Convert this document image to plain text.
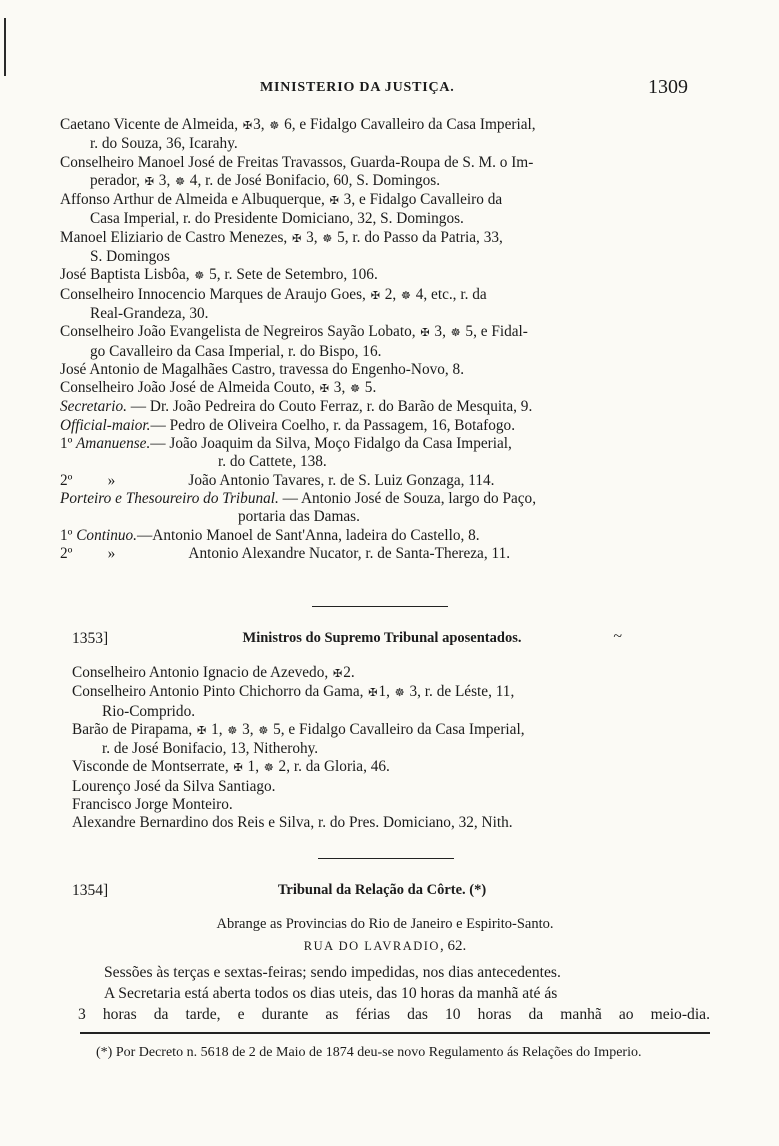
MINISTERIO DA JUSTIÇA.	1309
Caetano Vicente de Almeida, ✠3, ☸ 6, e Fidalgo Cavalleiro da Casa Imperial,
r. do Souza, 36, Icarahy.
Conselheiro Manoel José de Freitas Travassos, Guarda-Roupa de S. M. o Im-
perador, ✠ 3, ☸ 4, r. de José Bonifacio, 60, S. Domingos.
Affonso Arthur de Almeida e Albuquerque, ✠ 3, e Fidalgo Cavalleiro da
Casa Imperial, r. do Presidente Domiciano, 32, S. Domingos.
Manoel Eliziario de Castro Menezes, ✠ 3, ☸ 5, r. do Passo da Patria, 33,
S. Domingos
José Baptista Lisbôa, ☸ 5, r. Sete de Setembro, 106.
Conselheiro Innocencio Marques de Araujo Goes, ✠ 2, ☸ 4, etc., r. da
Real-Grandeza, 30.
Conselheiro João Evangelista de Negreiros Sayão Lobato, ✠ 3, ☸ 5, e Fidal-
go Cavalleiro da Casa Imperial, r. do Bispo, 16.
José Antonio de Magalhães Castro, travessa do Engenho-Novo, 8.
Conselheiro João José de Almeida Couto, ✠ 3, ☸ 5.
Secretario. — Dr. João Pedreira do Couto Ferraz, r. do Barão de Mesquita, 9.
Official-maior.— Pedro de Oliveira Coelho, r. da Passagem, 16, Botafogo.
1º Amanuense.— João Joaquim da Silva, Moço Fidalgo da Casa Imperial,
r. do Cattete, 138.
2º »	João Antonio Tavares, r. de S. Luiz Gonzaga, 114.
Porteiro e Thesoureiro do Tribunal. — Antonio José de Souza, largo do Paço,
portaria das Damas.
1º Continuo.—Antonio Manoel de Sant'Anna, ladeira do Castello, 8.
2º »	Antonio Alexandre Nucator, r. de Santa-Thereza, 11.
1353]	Ministros do Supremo Tribunal aposentados.	~
Conselheiro Antonio Ignacio de Azevedo, ✠2.
Conselheiro Antonio Pinto Chichorro da Gama, ✠1, ☸ 3, r. de Léste, 11,
Rio-Comprido.
Barão de Pirapama, ✠ 1, ☸ 3, ☸ 5, e Fidalgo Cavalleiro da Casa Imperial,
r. de José Bonifacio, 13, Nitherohy.
Visconde de Montserrate, ✠ 1, ☸ 2, r. da Gloria, 46.
Lourenço José da Silva Santiago.
Francisco Jorge Monteiro.
Alexandre Bernardino dos Reis e Silva, r. do Pres. Domiciano, 32, Nith.
1354]	Tribunal da Relação da Côrte. (*)
Abrange as Provincias do Rio de Janeiro e Espirito-Santo.
RUA DO LAVRADIO, 62.

Sessões às terças e sextas-feiras; sendo impedidas, nos dias antecedentes.

A Secretaria está aberta todos os dias uteis, das 10 horas da manhã até ás

3 horas da tarde, e durante as férias das 10 horas da manhã ao meio-dia.

(*) Por Decreto n. 5618 de 2 de Maio de 1874 deu-se novo Regulamento ás Relações do Imperio.
